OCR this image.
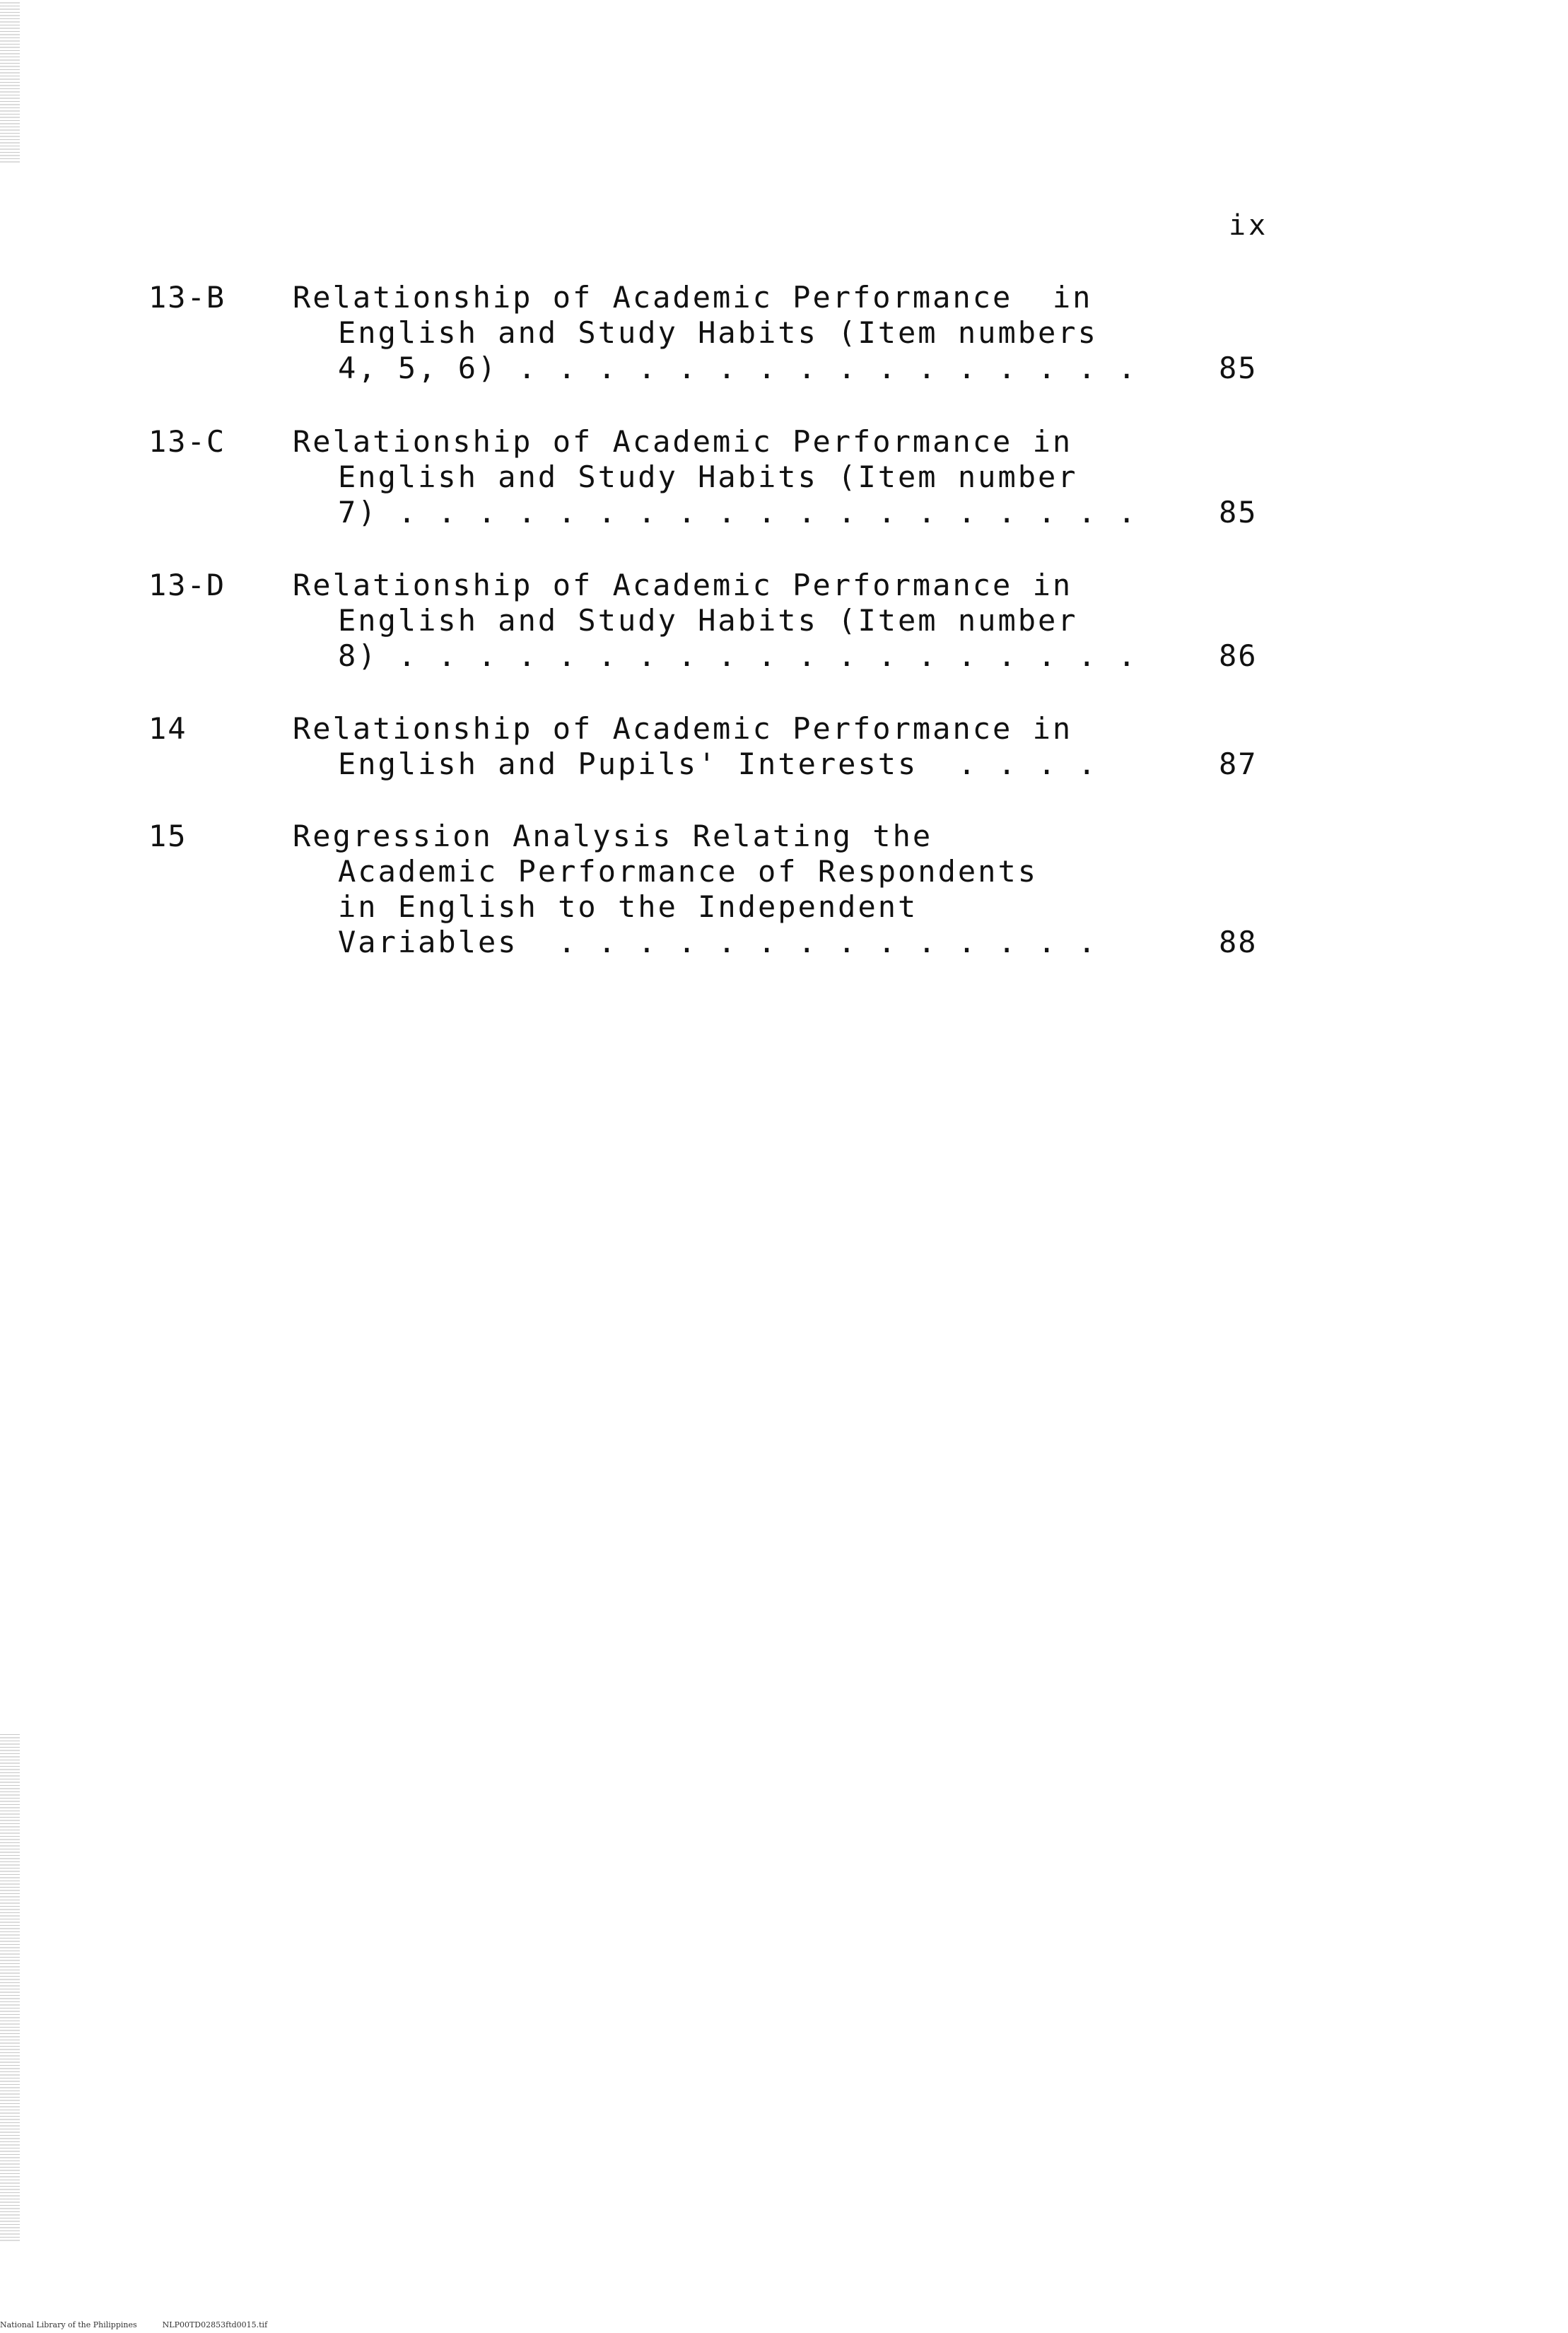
ix
13-B Relationship of Academic Performance  in
English and Study Habits (Item numbers
4, 5, 6) . . . . . . . . . . . . . . . .	85
13-C Relationship of Academic Performance in
English and Study Habits (Item number
7) . . . . . . . . . . . . . . . . . . .	85
13-D Relationship of Academic Performance in
English and Study Habits (Item number
8) . . . . . . . . . . . . . . . . . . .	86
14	Relationship of Academic Performance in
English and Pupils' Interests  . . . .	87
15	Regression Analysis Relating the
Academic Performance of Respondents
in English to the Independent
Variables  . . . . . . . . . . . . . .	88
National Library of the Philippines	NLP00TD02853ftd0015.tif
